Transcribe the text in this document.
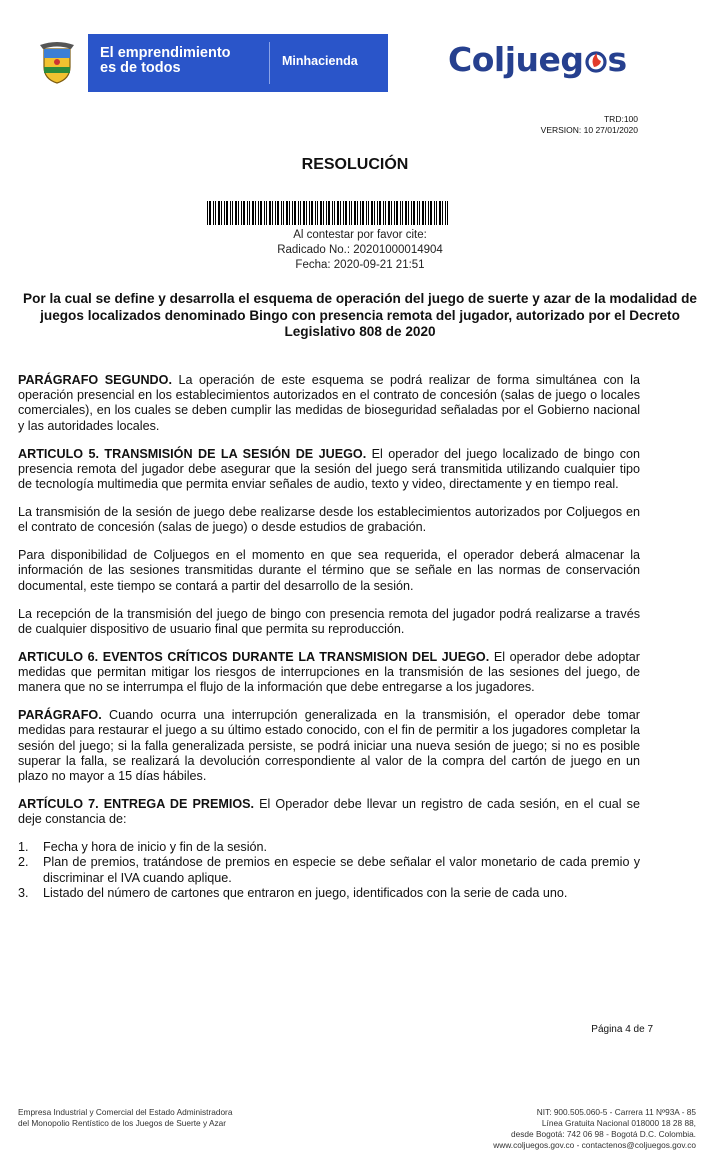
El emprendimiento
es de todos	Minhacienda	Coljueg s
TRD:100
VERSION: 10 27/01/2020
RESOLUCIÓN
Al contestar por favor cite:
Radicado No.: 20201000014904
Fecha: 2020-09-21 21:51
Por la cual se define y desarrolla el esquema de operación del juego de suerte y azar de la modalidad de juegos localizados denominado Bingo con presencia remota del jugador, autorizado por el Decreto Legislativo 808 de 2020

PARÁGRAFO SEGUNDO. La operación de este esquema se podrá realizar de forma simultánea con la operación presencial en los establecimientos autorizados en el contrato de concesión (salas de juego o locales comerciales), en los cuales se deben cumplir las medidas de bioseguridad señaladas por el Gobierno nacional y las autoridades locales.

ARTICULO 5. TRANSMISIÓN DE LA SESIÓN DE JUEGO. El operador del juego localizado de bingo con presencia remota del jugador debe asegurar que la sesión del juego será transmitida utilizando cualquier tipo de tecnología multimedia que permita enviar señales de audio, texto y video, directamente y en tiempo real.

La transmisión de la sesión de juego debe realizarse desde los establecimientos autorizados por Coljuegos en el contrato de concesión (salas de juego) o desde estudios de grabación.

Para disponibilidad de Coljuegos en el momento en que sea requerida, el operador deberá almacenar la información de las sesiones transmitidas durante el término que se señale en las normas de conservación documental, este tiempo se contará a partir del desarrollo de la sesión.

La recepción de la transmisión del juego de bingo con presencia remota del jugador podrá realizarse a través de cualquier dispositivo de usuario final que permita su reproducción.

ARTICULO 6. EVENTOS CRÍTICOS DURANTE LA TRANSMISION DEL JUEGO. El operador debe adoptar medidas que permitan mitigar los riesgos de interrupciones en la transmisión de las sesiones del juego, de manera que no se interrumpa el flujo de la información que debe entregarse a los jugadores.

PARÁGRAFO. Cuando ocurra una interrupción generalizada en la transmisión, el operador debe tomar medidas para restaurar el juego a su último estado conocido, con el fin de permitir a los jugadores completar la sesión del juego; si la falla generalizada persiste, se podrá iniciar una nueva sesión de juego; si no es posible superar la falla, se realizará la devolución correspondiente al valor de la compra del cartón de juego en un plazo no mayor a 15 días hábiles.

ARTÍCULO 7. ENTREGA DE PREMIOS. El Operador debe llevar un registro de cada sesión, en el cual se deje constancia de:

1.	Fecha y hora de inicio y fin de la sesión.
2.	Plan de premios, tratándose de premios en especie se debe señalar el valor monetario de cada premio y discriminar el IVA cuando aplique.
3.	Listado del número de cartones que entraron en juego, identificados con la serie de cada uno.
Página 4 de 7
Empresa Industrial y Comercial del Estado Administradora
del Monopolio Rentístico de los Juegos de Suerte y Azar
NIT: 900.505.060-5 - Carrera 11 Nº93A - 85
Línea Gratuita Nacional 018000 18 28 88,
desde Bogotá: 742 06 98 - Bogotá D.C. Colombia.
www.coljuegos.gov.co - contactenos@coljuegos.gov.co
